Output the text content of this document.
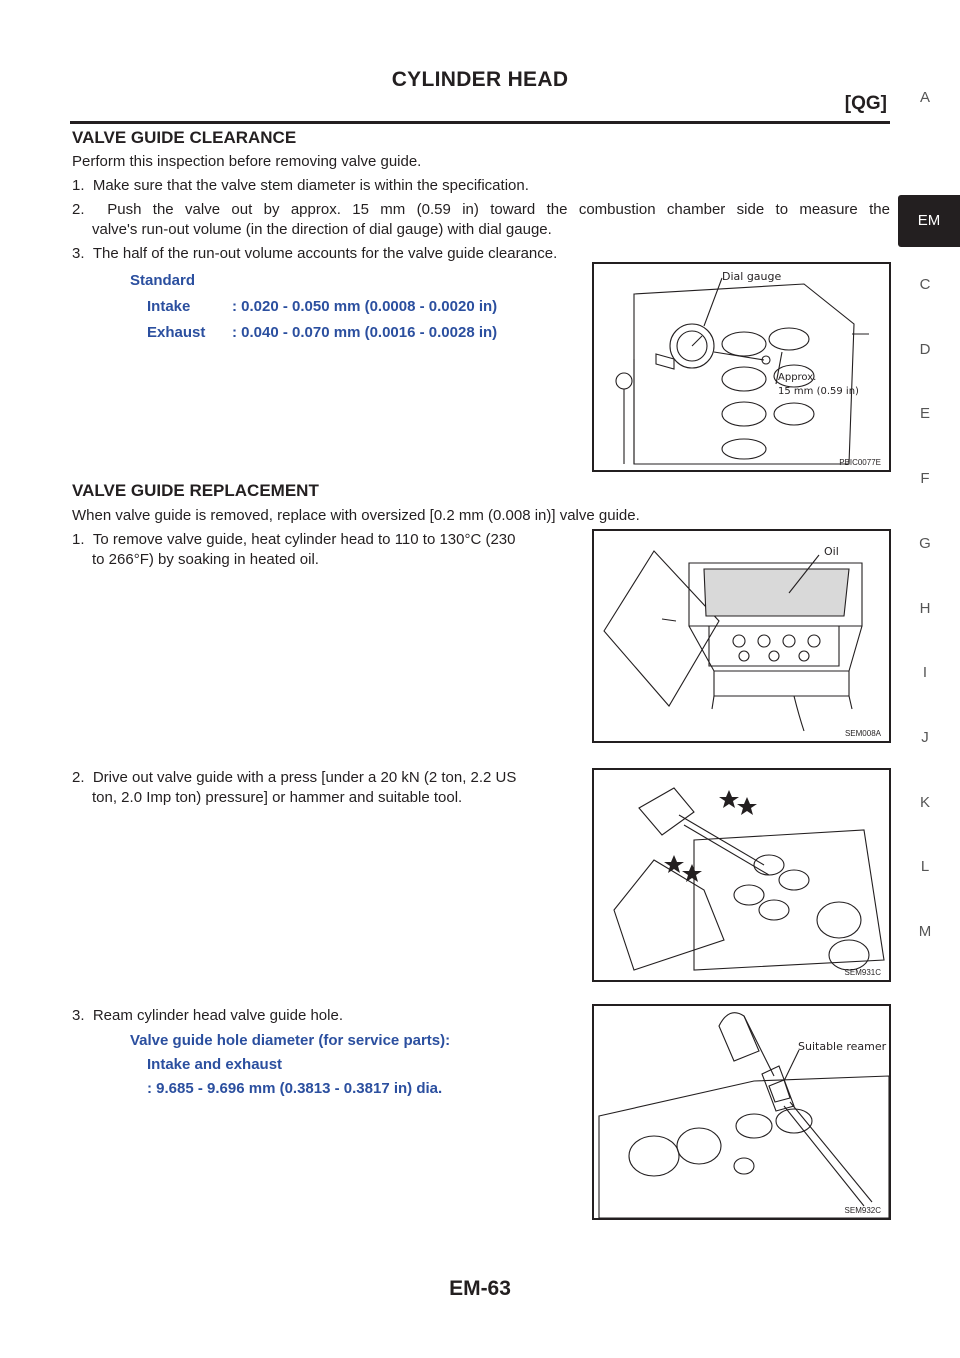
CYLINDER HEAD
[QG]	A
EM
C
D
E
F
G
H
I
J
K
L
M
VALVE GUIDE CLEARANCE
Perform this inspection before removing valve guide.
1.  Make sure that the valve stem diameter is within the specification.
2.  Push the valve out by approx. 15 mm (0.59 in) toward the combustion chamber side to measure the
valve's run-out volume (in the direction of dial gauge) with dial gauge.
3.  The half of the run-out volume accounts for the valve guide clearance.
Standard
Intake	: 0.020 - 0.050 mm (0.0008 - 0.0020 in)
Exhaust : 0.040 - 0.070 mm (0.0016 - 0.0028 in)
Dial gauge
Approx.
15 mm (0.59 in)
PBIC0077E
VALVE GUIDE REPLACEMENT
When valve guide is removed, replace with oversized [0.2 mm (0.008 in)] valve guide.
1.  To remove valve guide, heat cylinder head to 110 to 130°C (230
to 266°F) by soaking in heated oil.	Oil
SEM008A
2.  Drive out valve guide with a press [under a 20 kN (2 ton, 2.2 US
ton, 2.0 Imp ton) pressure] or hammer and suitable tool.
SEM931C
3.  Ream cylinder head valve guide hole.
Valve guide hole diameter (for service parts):
Intake and exhaust
: 9.685 - 9.696 mm (0.3813 - 0.3817 in) dia.
Suitable reamer
SEM932C
EM-63
